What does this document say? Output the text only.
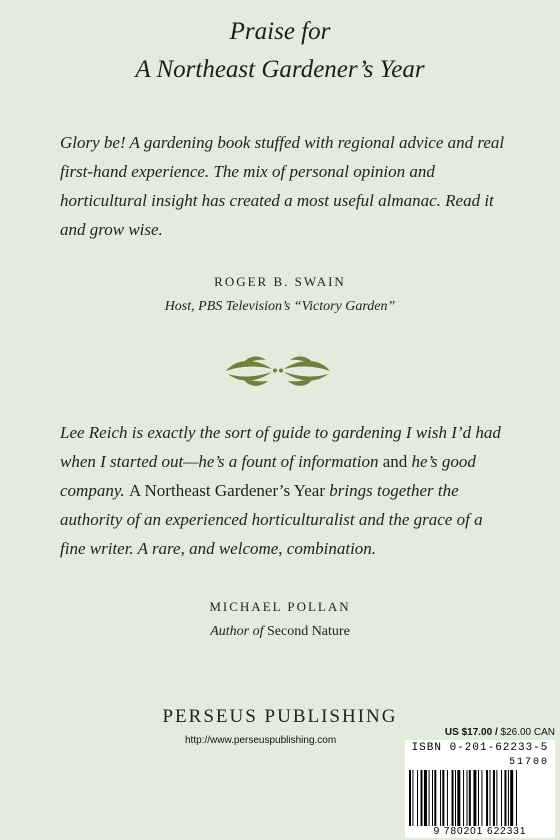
Praise for
A Northeast Gardener’s Year
Glory be! A gardening book stuffed with regional advice and real first-hand experience. The mix of personal opinion and horticultural insight has created a most useful almanac. Read it and grow wise.
ROGER B. SWAIN
Host, PBS Television’s “Victory Garden”
Lee Reich is exactly the sort of guide to gardening I wish I’d had when I started out—he’s a fount of information and he’s good company. A Northeast Gardener’s Year brings together the authority of an experienced horticulturalist and the grace of a fine writer. A rare, and welcome, combination.
MICHAEL POLLAN
Author of Second Nature
PERSEUS PUBLISHING
http://www.perseuspublishing.com
US $17.00 / $26.00 CAN
ISBN 0-201-62233-5
51700
9 780201 622331
